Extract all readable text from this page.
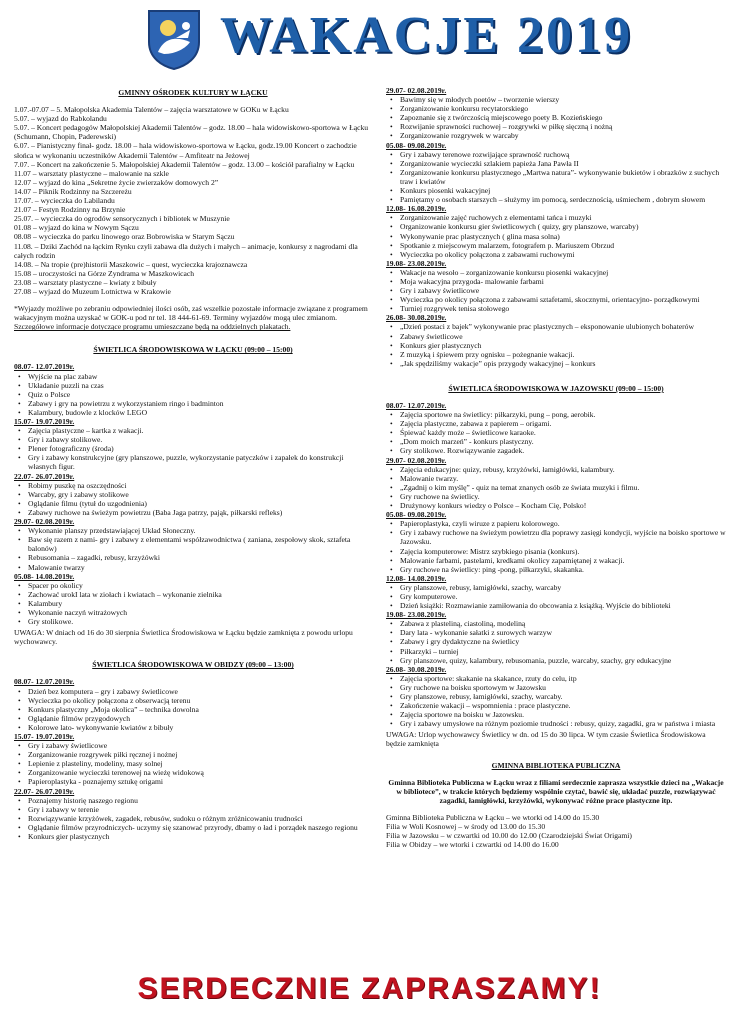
WAKACJE 2019
GMINNY OŚRODEK KULTURY W ŁĄCKU

1.07.-07.07 – 5. Małopolska Akademia Talentów – zajęcia warsztatowe w GOKu w Łącku

5.07. – wyjazd do Rabkolandu

5.07. – Koncert pedagogów Małopolskiej Akademii Talentów – godz. 18.00 – hala widowiskowo-sportowa w Łącku (Schumann, Chopin, Paderewski)

6.07. – Pianistyczny finał- godz. 18.00 – hala widowiskowo-sportowa w Łącku, godz.19.00 Koncert o zachodzie słońca w wykonaniu uczestników Akademii Talentów – Amfiteatr na Jeżowej

7.07. – Koncert na zakończenie 5. Małopolskiej Akademii Talentów – godz. 13.00 – kościół parafialny w Łącku

11.07 – warsztaty plastyczne – malowanie na szkle

12.07 – wyjazd do kina „Sekretne życie zwierzaków domowych 2”

14.07 – Piknik Rodzinny na Szczereżu

17.07. – wycieczka do Labilandu

21.07 – Festyn Rodzinny na Brzynie

25.07. – wycieczka do ogrodów sensorycznych i bibliotek w Muszynie

01.08 – wyjazd do kina w Nowym Sączu

08.08 – wycieczka do parku linowego oraz Bobrowiska w Starym Sączu

11.08. – Dziki Zachód na łąckim Rynku czyli zabawa dla dużych i małych – animacje, konkursy z nagrodami dla całych rodzin

14.08. – Na tropie (pre)historii Maszkowic – quest, wycieczka krajoznawcza

15.08 – uroczystości na Górze Zyndrama w Maszkowicach

23.08 – warsztaty plastyczne – kwiaty z bibuły

27.08 – wyjazd do Muzeum Lotnictwa w Krakowie

*Wyjazdy możliwe po zebraniu odpowiedniej ilości osób, zaś wszelkie pozostałe informacje związane z programem wakacyjnym można uzyskać w GOK-u pod nr tel. 18 444-61-69. Terminy wyjazdów mogą ulec zmianom.

Szczegółowe informacje dotyczące programu umieszczane będą na oddzielnych plakatach.

ŚWIETLICA ŚRODOWISKOWA W ŁĄCKU (09:00 – 15:00)

08.07- 12.07.2019r.

• Wyjście na plac zabaw
• Układanie puzzli na czas
• Quiz o Polsce
• Zabawy i gry na powietrzu z wykorzystaniem ringo i badminton
• Kalambury, budowle z klocków LEGO

15.07- 19.07.2019r.

• Zajęcia plastyczne – kartka z wakacji.
• Gry i zabawy stolikowe.
• Plener fotograficzny (środa)
• Gry i zabawy konstrukcyjne (gry planszowe, puzzle, wykorzystanie patyczków i zapałek do konstrukcji własnych figur.

22.07- 26.07.2019r.

• Robimy puszkę na oszczędności
• Warcaby, gry i zabawy stolikowe
• Oglądanie filmu (tytuł do uzgodnienia)
• Zabawy ruchowe na świeżym powietrzu (Baba Jaga patrzy, pająk, piłkarski refleks)

29.07- 02.08.2019r.

• Wykonanie planszy przedstawiającej Układ Słoneczny.
• Baw się razem z nami- gry i zabawy z elementami współzawodnictwa ( zaniana, zespołowy skok, sztafeta balonów)
• Rebusomania – zagadki, rebusy, krzyżówki
• Malowanie twarzy

05.08- 14.08.2019r.

• Spacer po okolicy
• Zachować urokI lata w ziołach i kwiatach – wykonanie zielnika
• Kalambury
• Wykonanie naczyń witrażowych
• Gry stolikowe.

UWAGA: W dniach od 16 do 30 sierpnia Świetlica Środowiskowa w Łącku będzie zamknięta z powodu urlopu wychowawcy.

ŚWIETLICA ŚRODOWISKOWA W OBIDZY (09:00 – 13:00)

08.07- 12.07.2019r.

• Dzień bez komputera – gry i zabawy świetlicowe
• Wycieczka po okolicy połączona z obserwacją terenu
• Konkurs plastyczny „Moja okolica” – technika dowolna
• Oglądanie filmów przygodowych
• Kolorowe lato- wykonywanie kwiatów z bibuły

15.07- 19.07.2019r.

• Gry i zabawy świetlicowe
• Zorganizowanie rozgrywek piłki ręcznej i nożnej
• Lepienie z plasteliny, modeliny, masy solnej
• Zorganizowanie wycieczki terenowej na wieżę widokową
• Papieroplastyka - poznajemy sztukę origami

22.07- 26.07.2019r.

• Poznajemy historię naszego regionu
• Gry i zabawy w terenie
• Rozwiązywanie krzyżówek, zagadek, rebusów, sudoku o różnym zróżnicowaniu trudności
• Oglądanie filmów przyrodniczych- uczymy się szanować przyrody, dbamy o ład i porządek naszego regionu
• Konkurs gier plastycznych

29.07- 02.08.2019r.

• Bawimy się w młodych poetów – tworzenie wierszy
• Zorganizowanie konkursu recytatorskiego
• Zapoznanie się z twórczością miejscowego poety B. Kozieńskiego
• Rozwijanie sprawności ruchowej – rozgrywki w piłkę sięczną i nożną
• Zorganizowanie rozgrywek w warcaby

05.08- 09.08.2019r.

• Gry i zabawy terenowe rozwijające sprawność ruchową
• Zorganizowanie wycieczki szlakiem papieża Jana Pawła II
• Zorganizowanie konkursu plastycznego „Martwa natura”- wykonywanie bukietów i obrazków z suchych traw i kwiatów
• Konkurs piosenki wakacyjnej
• Pamiętamy o osobach starszych – służymy im pomocą, serdecznością, uśmiechem , dobrym słowem

12.08- 16.08.2019r.

• Zorganizowanie zajęć ruchowych z elementami tańca i muzyki
• Organizowanie konkursu gier świetlicowych ( quizy, gry planszowe, warcaby)
• Wykonywanie prac plastycznych ( glina masa solna)
• Spotkanie z miejscowym malarzem, fotografem p. Mariuszem Obrzud
• Wycieczka po okolicy połączona z zabawami ruchowymi

19.08- 23.08.2019r.

• Wakacje na wesoło – zorganizowanie konkursu piosenki wakacyjnej
• Moja wakacyjna przygoda- malowanie farbami
• Gry i zabawy świetlicowe
• Wycieczka po okolicy połączona z zabawami sztafetami, skocznymi, orientacyjno- porządkowymi
• Turniej rozgrywek tenisa stołowego

26.08- 30.08.2019r.

• „Dzień postaci z bajek” wykonywanie prac plastycznych – eksponowanie ulubionych bohaterów
• Zabawy świetlicowe
• Konkurs gier plastycznych
• Z muzyką i śpiewem przy ognisku – pożegnanie wakacji.
• „Jak spędziliśmy wakacje” opis przygody wakacyjnej – konkurs
ŚWIETLICA ŚRODOWISKOWA W JAZOWSKU (09:00 – 15:00)

08.07- 12.07.2019r.

• Zajęcia sportowe na świetlicy: piłkarzyki, pung – pong, aerobik.
• Zajęcia plastyczne, zabawa z papierem – origami.
• Śpiewać każdy może – świetlicowe karaoke.
• „Dom moich marzeń” - konkurs plastyczny.
• Gry stolikowe. Rozwiązywanie zagadek.

29.07- 02.08.2019r.

• Zajęcia edukacyjne: quizy, rebusy, krzyżówki, łamigłówki, kalambury.
• Malowanie twarzy.
• „Zgadnij o kim myślę” - quiz na temat znanych osób ze świata muzyki i filmu.
• Gry ruchowe na świetlicy.
• Drużynowy konkurs wiedzy o Polsce – Kocham Cię, Polsko!

05.08- 09.08.2019r.

• Papieroplastyka, czyli wiruze z papieru kolorowego.
• Gry i zabawy ruchowe na świeżym powietrzu dla poprawy zasięgi kondycji, wyjście na boisko sportowe w Jazowsku.
• Zajęcia komputerowe: Mistrz szybkiego pisania (konkurs).
• Malowanie farbami, pastelami, kredkami okolicy zapamiętanej z wakacji.
• Gry ruchowe na świetlicy: ping -pong, piłkarzyki, skakanka.

12.08- 14.08.2019r.

• Gry planszowe, rebusy, łamigłówki, szachy, warcaby
• Gry komputerowe.
• Dzień książki: Rozmawianie zamiłowania do obcowania z książką. Wyjście do biblioteki

19.08- 23.08.2019r.

• Zabawa z plasteliną, ciastoliną, modeliną
• Dary lata - wykonanie sałatki z surowych warzyw
• Zabawy i gry dydaktyczne na świetlicy
• Piłkarzyki – turniej
• Gry planszowe, quizy, kalambury, rebusomania, puzzle, warcaby, szachy, gry edukacyjne

26.08- 30.08.2019r.

• Zajęcia sportowe: skakanie na skakance, rzuty do celu, itp
• Gry ruchowe na boisku sportowym w Jazowsku
• Gry planszowe, rebusy, łamigłówki, szachy, warcaby.
• Zakończenie wakacji – wspomnienia : prace plastyczne.
• Zajęcia sportowe na boisku w Jazowsku.
• Gry i zabawy umysłowe na różnym poziomie trudności : rebusy, quizy, zagadki, gra w państwa i miasta

UWAGA: Urlop wychowawcy Świetlicy w dn. od 15 do 30 lipca. W tym czasie Świetlica Środowiskowa będzie zamknięta

GMINNA BIBLIOTEKA PUBLICZNA

Gminna Biblioteka Publiczna w Łącku wraz z filiami serdecznie zaprasza wszystkie dzieci na „Wakacje w bibliotece”, w trakcie których będziemy wspólnie czytać, bawić się, układać puzzle, rozwiązywać zagadki, łamigłówki, krzyżówki, wykonywać różne prace plastyczne itp.

Gminna Biblioteka Publiczna w Łącku – we wtorki od 14.00 do 15.30

Filia w Woli Kosnowej – w środy od 13.00 do 15.30

Filia w Jazowsku – w czwartki od 10.00 do 12.00 (Czarodziejski Świat Origami)

Filia w Obidzy – we wtorki i czwartki od 14.00 do 16.00

SERDECZNIE ZAPRASZAMY!
